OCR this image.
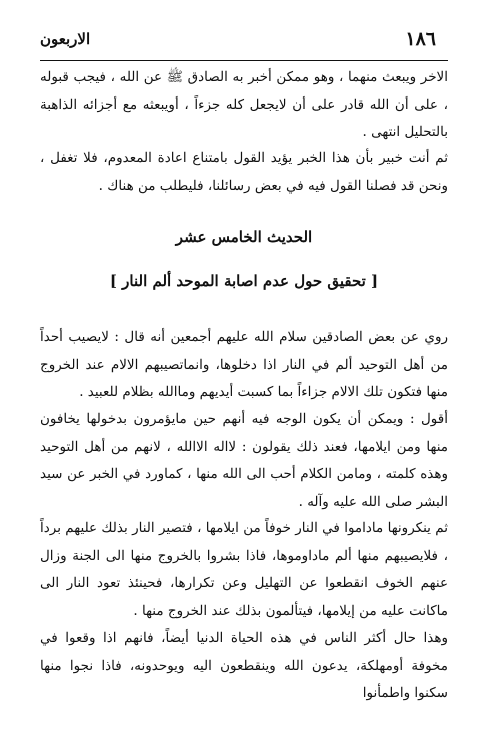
١٨٦
الاربعون

الاخر ويبعث منهما ، وهو ممكن أخبر به الصادق ﷺ عن الله ، فيجب قبوله ، على أن الله قادر على أن لايجعل كله جزءاً ، أويبعثه مع أجزائه الذاهبة بالتحليل انتهى .

ثم أنت خبير بأن هذا الخبر يؤيد القول بامتناع اعادة المعدوم، فلا تغفل ، ونحن قد فصلنا القول فيه في بعض رسائلنا، فليطلب من هناك .

الحديث الخامس عشر
[ تحقيق حول عدم اصابة الموحد ألم النار ]

روي عن بعض الصادقين سلام الله عليهم أجمعين أنه قال : لايصيب أحداً من أهل التوحيد ألم في النار اذا دخلوها، وانماتصيبهم الالام عند الخروج منها فتكون تلك الالام جزاءاً بما كسبت أيديهم وماالله بظلام للعبيد .

أقول : ويمكن أن يكون الوجه فيه أنهم حين مايؤمرون بدخولها يخافون منها ومن ايلامها، فعند ذلك يقولون : لااله الاالله ، لانهم من أهل التوحيد وهذه كلمته ، ومامن الكلام أحب الى الله منها ، كماورد في الخبر عن سيد البشر صلى الله عليه وآله .

ثم ينكرونها ماداموا في النار خوفاً من ايلامها ، فتصير النار بذلك عليهم برداً ، فلايصيبهم منها ألم ماداوموها، فاذا بشروا بالخروج منها الى الجنة وزال عنهم الخوف انقطعوا عن التهليل وعن تكرارها، فحينئذ تعود النار الى ماكانت عليه من إيلامها، فيتألمون بذلك عند الخروج منها .

وهذا حال أكثر الناس في هذه الحياة الدنيا أيضاً، فانهم اذا وقعوا في مخوفة أومهلكة، يدعون الله وينقطعون اليه ويوحدونه، فاذا نجوا منها سكنوا واطمأنوا
